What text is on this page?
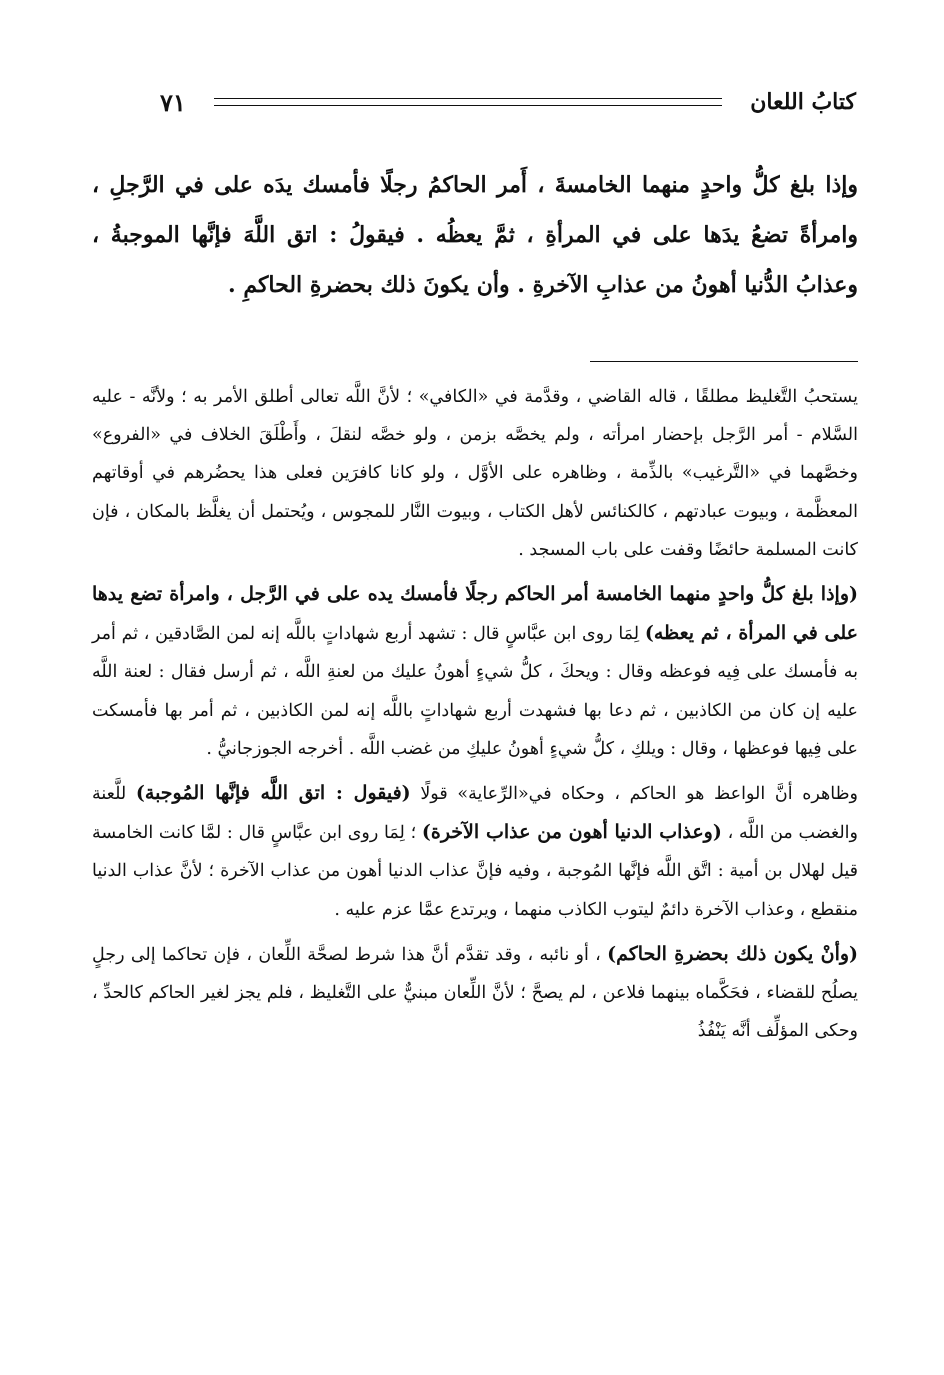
كتابُ اللعان
٧١
وإذا بلغ كلُّ واحدٍ منهما الخامسةَ ، أَمر الحاكمُ رجلًا فأمسك يدَه على في الرَّجلِ ، وامرأةً تضعُ يدَها على في المرأةِ ، ثمَّ يعظُه . فيقولُ : اتق اللَّهَ فإنَّها الموجبةُ ، وعذابُ الدُّنيا أهونُ من عذابِ الآخرةِ . وأن يكونَ ذلك بحضرةِ الحاكمِ .

يستحبُ التَّغليظ مطلقًا ، قاله القاضي ، وقدَّمة في «الكافي» ؛ لأنَّ اللَّه تعالى أطلق الأمر به ؛ ولأنَّه - عليه السَّلام - أمر الرَّجل بإحضار امرأته ، ولم يخصَّه بزمن ، ولو خصَّه لنقلَ ، وأَطْلَقَ الخلاف في «الفروع» وخصَّهما في «التَّرغيب» بالذِّمة ، وظاهره على الأوَّل ، ولو كانا كافرَين فعلى هذا يحضُرهم في أوقاتهم المعظَّمة ، وبيوت عبادتهم ، كالكنائس لأهل الكتاب ، وبيوت النَّار للمجوس ، ويُحتمل أن يغلَّظ بالمكان ، فإن كانت المسلمة حائضًا وقفت على باب المسجد .

(وإذا بلغ كلُّ واحدٍ منهما الخامسة أمر الحاكم رجلًا فأمسك يده على في الرَّجل ، وامرأة تضع يدها على في المرأة ، ثم يعظه) لِمَا روى ابن عبَّاسٍ قال : تشهد أربع شهاداتٍ باللَّه إنه لمن الصَّادقين ، ثم أمر به فأمسك على فِيه فوعظه وقال : ويحكَ ، كلُّ شيءٍ أهونُ عليك من لعنةِ اللَّه ، ثم أرسل فقال : لعنة اللَّه عليه إن كان من الكاذبين ، ثم دعا بها فشهدت أربع شهاداتٍ باللَّه إنه لمن الكاذبين ، ثم أمر بها فأمسكت على فِيها فوعظها ، وقال : ويلكِ ، كلُّ شيءٍ أهونُ عليكِ من غضب اللَّه . أخرجه الجوزجانيُّ .

وظاهره أنَّ الواعظ هو الحاكم ، وحكاه في«الرِّعاية» قولًا (فيقول : اتق اللَّه فإنَّها المُوجبة) للَّعنة والغضب من اللَّه ، (وعذاب الدنيا أهون من عذاب الآخرة) ؛ لِمَا روى ابن عبَّاسٍ قال : لمَّا كانت الخامسة قيل لهلال بن أمية : اتَّق اللَّه فإنَّها المُوجبة ، وفيه فإنَّ عذاب الدنيا أهون من عذاب الآخرة ؛ لأنَّ عذاب الدنيا منقطع ، وعذاب الآخرة دائمٌ ليتوب الكاذب منهما ، ويرتدع عمَّا عزم عليه .

(وأنْ يكون ذلك بحضرةِ الحاكم) ، أو نائبه ، وقد تقدَّم أنَّ هذا شرط لصحَّة اللِّعان ، فإن تحاكما إلى رجلٍ يصلُح للقضاء ، فحَكَّماه بينهما فلاعن ، لم يصحَّ ؛ لأنَّ اللِّعان مبنيٌّ على التَّغليظ ، فلم يجز لغير الحاكم كالحدِّ ، وحكى المؤلِّف أنَّه يَنْفُذُ
